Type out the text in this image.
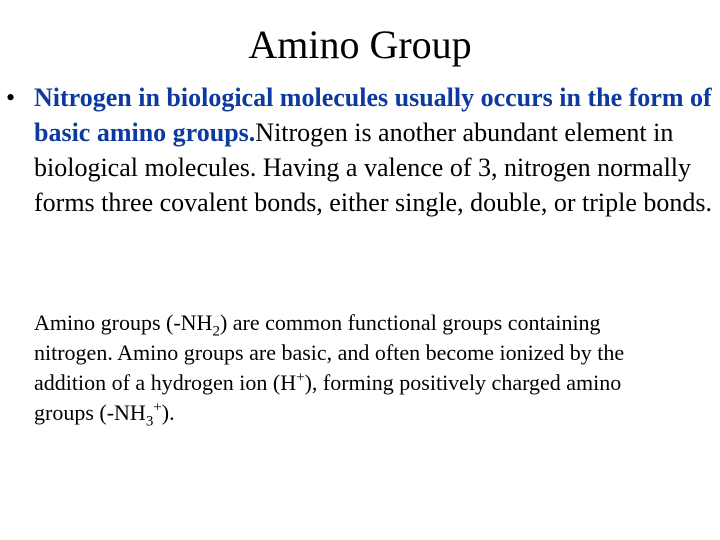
Amino Group
• Nitrogen in biological molecules usually occurs in the form of basic amino groups.Nitrogen is another abundant element in biological molecules. Having a valence of 3, nitrogen normally forms three covalent bonds, either single, double, or triple bonds.
Amino groups $(-NH_2)$ are common functional groups containing nitrogen. Amino groups are basic, and often become ionized by the addition of a hydrogen ion (H+), forming positively charged amino groups $(-NH_3^+)$.
